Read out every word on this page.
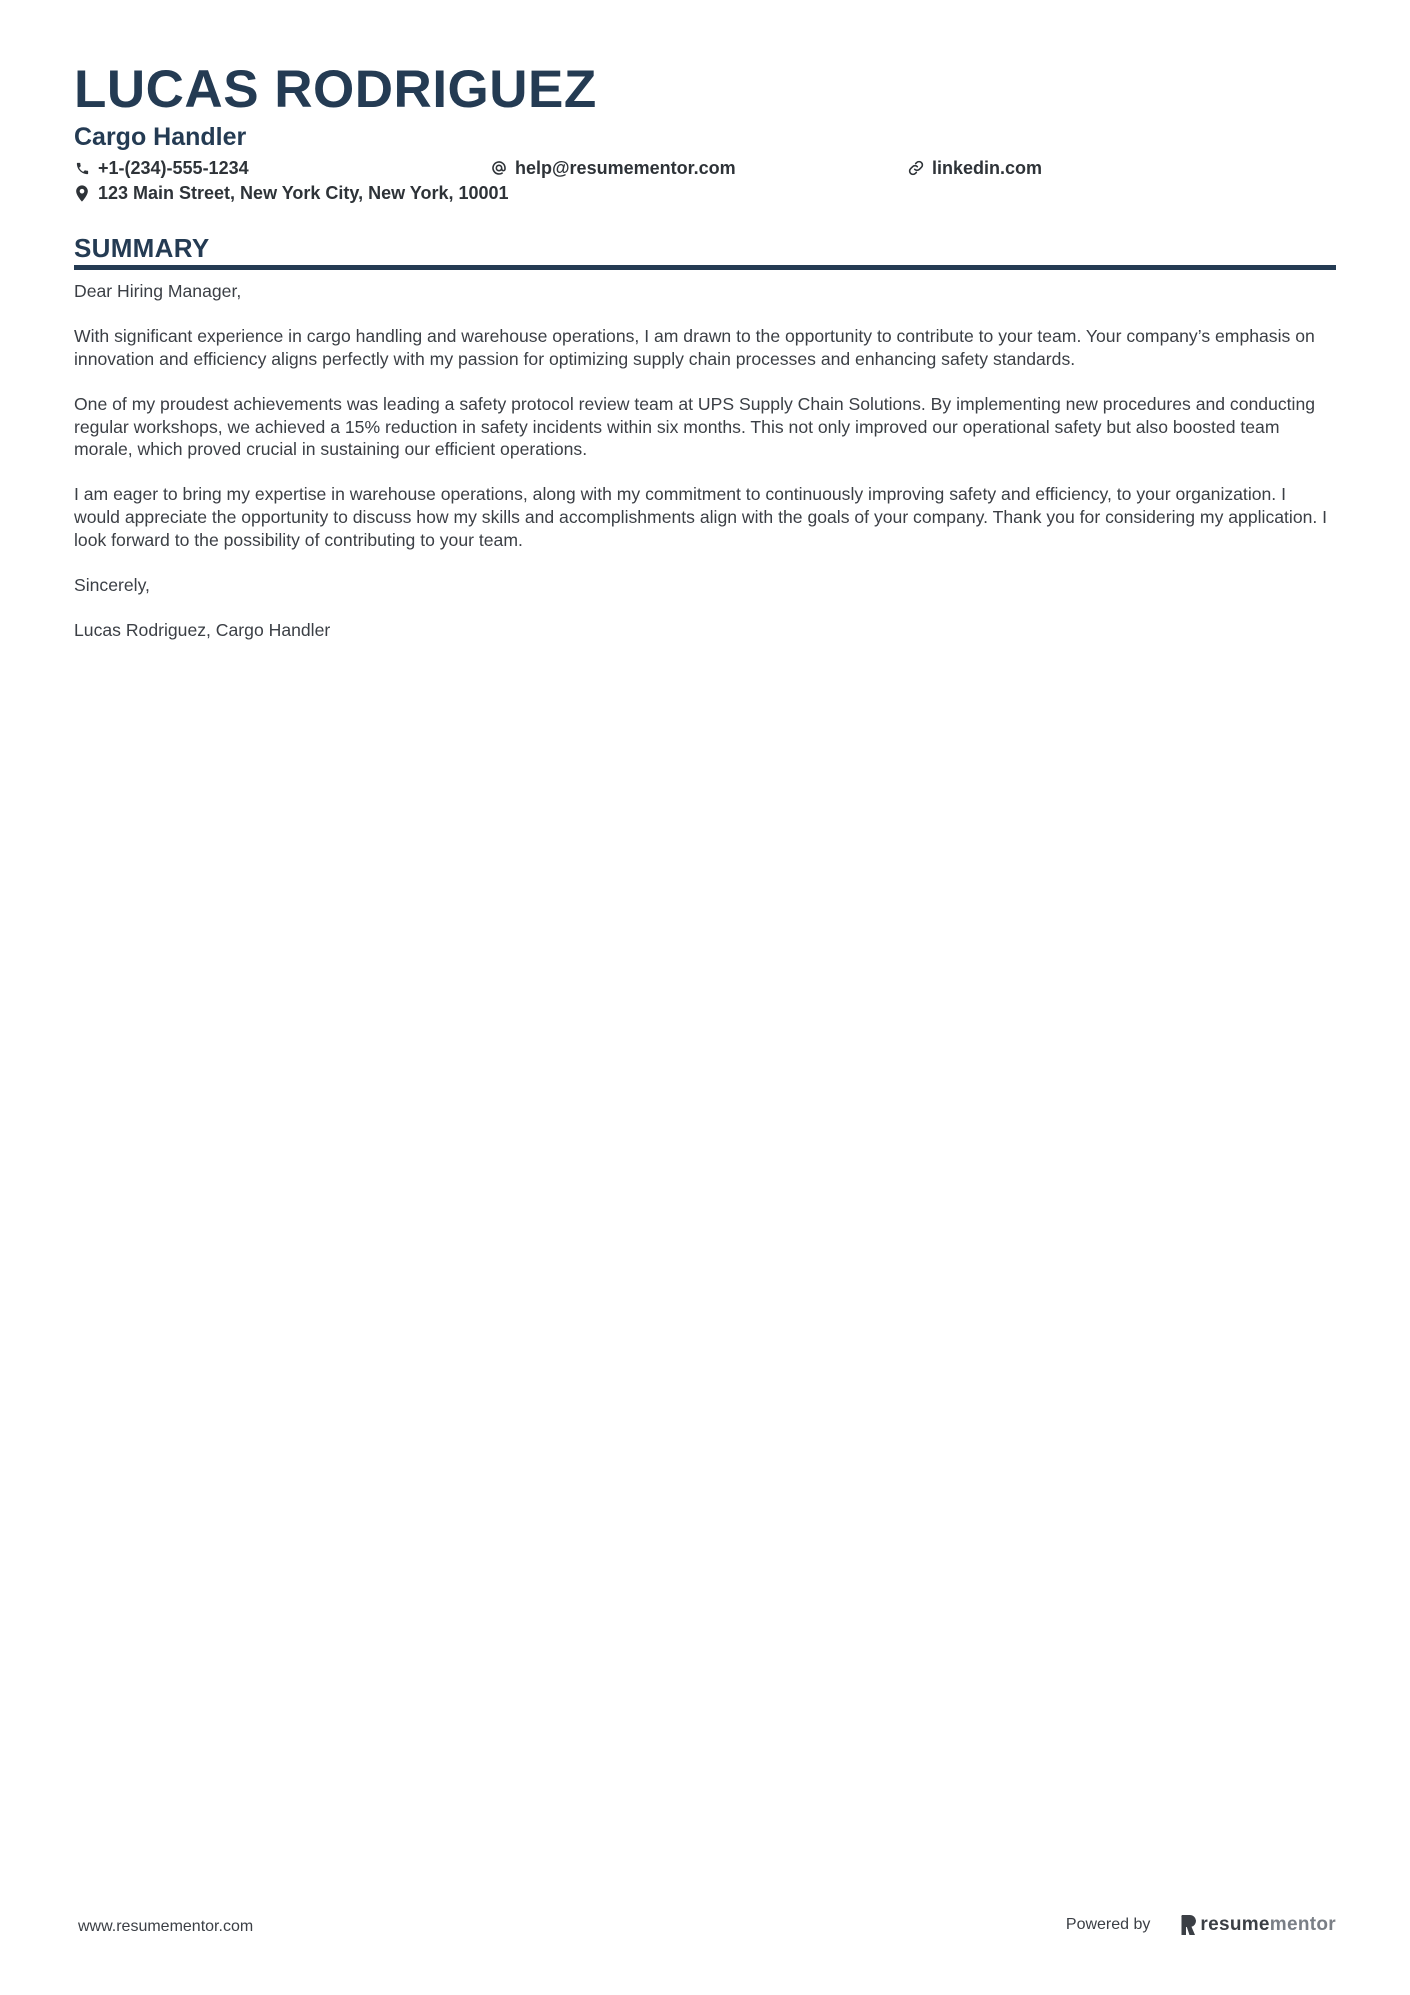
LUCAS RODRIGUEZ
Cargo Handler
+1-(234)-555-1234	help@resumementor.com	linkedin.com
123 Main Street, New York City, New York, 10001
SUMMARY

Dear Hiring Manager,

With significant experience in cargo handling and warehouse operations, I am drawn to the opportunity to contribute to your team. Your company’s emphasis on innovation and efficiency aligns perfectly with my passion for optimizing supply chain processes and enhancing safety standards.

One of my proudest achievements was leading a safety protocol review team at UPS Supply Chain Solutions. By implementing new procedures and conducting regular workshops, we achieved a 15% reduction in safety incidents within six months. This not only improved our operational safety but also boosted team morale, which proved crucial in sustaining our efficient operations.

I am eager to bring my expertise in warehouse operations, along with my commitment to continuously improving safety and efficiency, to your organization. I would appreciate the opportunity to discuss how my skills and accomplishments align with the goals of your company. Thank you for considering my application. I look forward to the possibility of contributing to your team.

Sincerely,

Lucas Rodriguez, Cargo Handler

www.resumementor.com	Powered by	resume mentor
